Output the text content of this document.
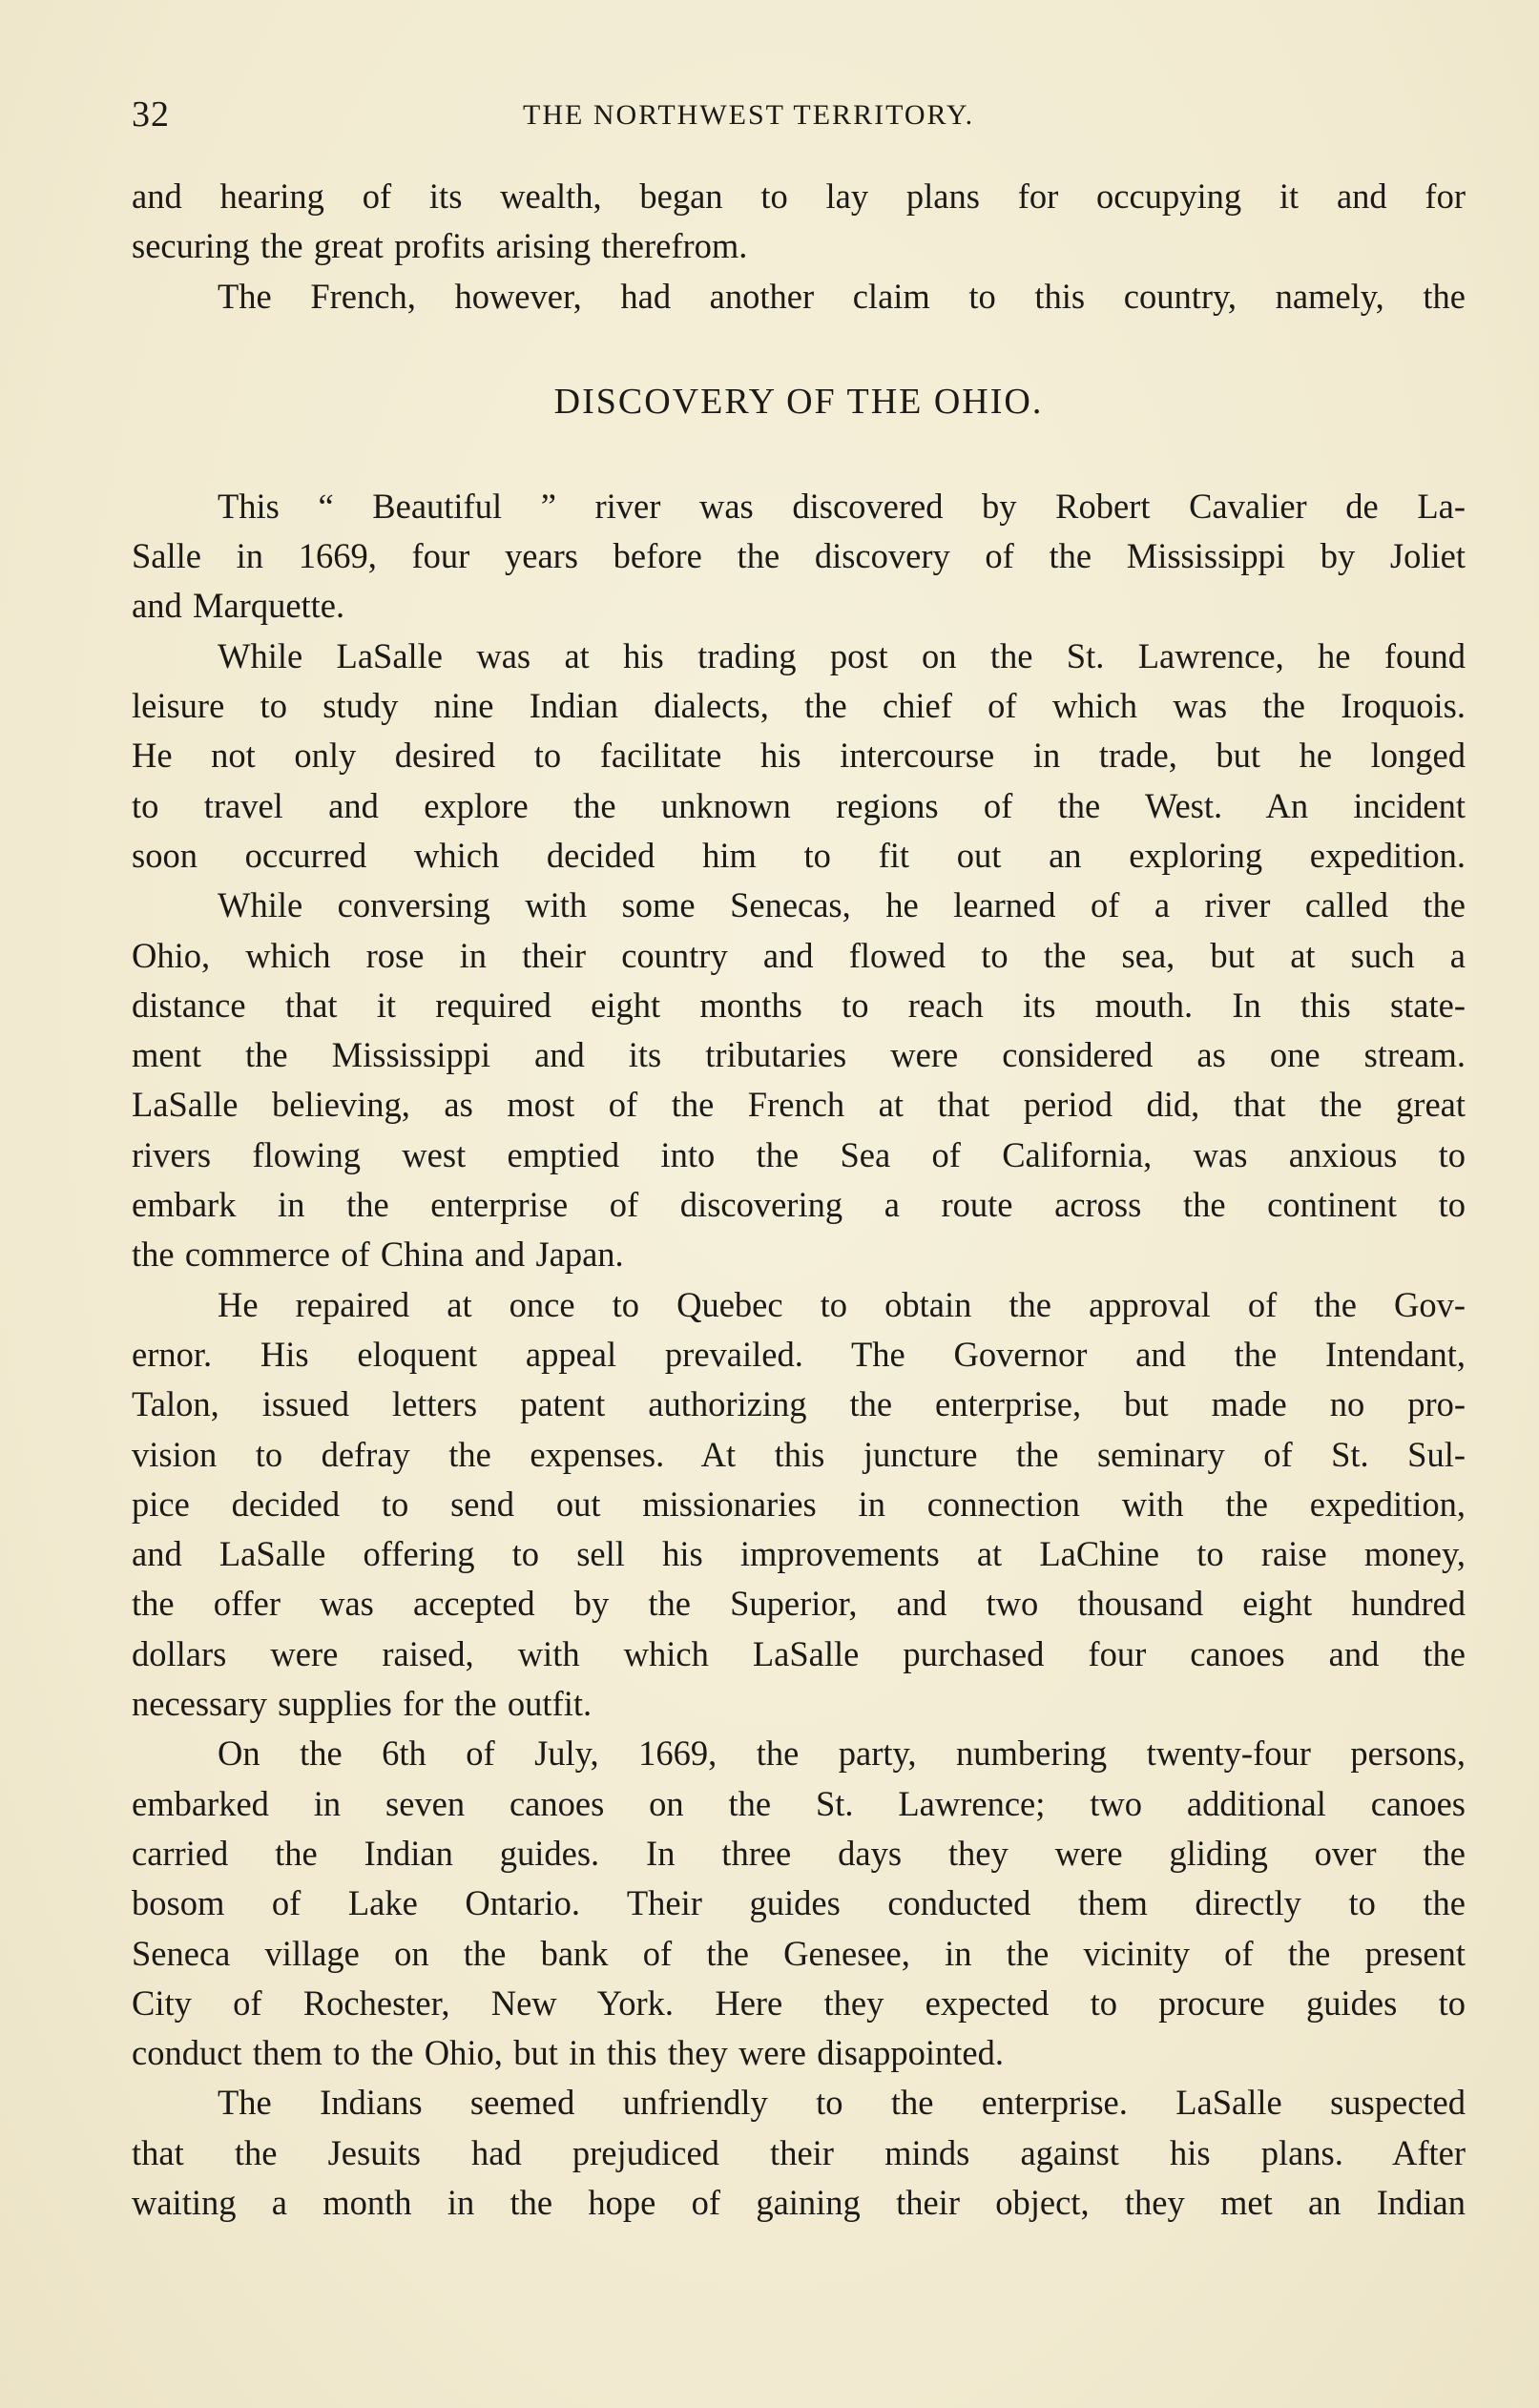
32	THE NORTHWEST TERRITORY.
and hearing of its wealth, began to lay plans for occupying it and for
securing the great profits arising therefrom.
The French, however, had another claim to this country, namely, the
DISCOVERY OF THE OHIO.
This “ Beautiful ” river was discovered by Robert Cavalier de La-
Salle in 1669, four years before the discovery of the Mississippi by Joliet
and Marquette.
While LaSalle was at his trading post on the St. Lawrence, he found
leisure to study nine Indian dialects, the chief of which was the Iroquois.
He not only desired to facilitate his intercourse in trade, but he longed
to travel and explore the unknown regions of the West. An incident
soon occurred which decided him to fit out an exploring expedition.
While conversing with some Senecas, he learned of a river called the
Ohio, which rose in their country and flowed to the sea, but at such a
distance that it required eight months to reach its mouth. In this state-
ment the Mississippi and its tributaries were considered as one stream.
LaSalle believing, as most of the French at that period did, that the great
rivers flowing west emptied into the Sea of California, was anxious to
embark in the enterprise of discovering a route across the continent to
the commerce of China and Japan.
He repaired at once to Quebec to obtain the approval of the Gov-
ernor. His eloquent appeal prevailed. The Governor and the Intendant,
Talon, issued letters patent authorizing the enterprise, but made no pro-
vision to defray the expenses. At this juncture the seminary of St. Sul-
pice decided to send out missionaries in connection with the expedition,
and LaSalle offering to sell his improvements at LaChine to raise money,
the offer was accepted by the Superior, and two thousand eight hundred
dollars were raised, with which LaSalle purchased four canoes and the
necessary supplies for the outfit.
On the 6th of July, 1669, the party, numbering twenty-four persons,
embarked in seven canoes on the St. Lawrence; two additional canoes
carried the Indian guides. In three days they were gliding over the
bosom of Lake Ontario. Their guides conducted them directly to the
Seneca village on the bank of the Genesee, in the vicinity of the present
City of Rochester, New York. Here they expected to procure guides to
conduct them to the Ohio, but in this they were disappointed.
The Indians seemed unfriendly to the enterprise. LaSalle suspected
that the Jesuits had prejudiced their minds against his plans. After
waiting a month in the hope of gaining their object, they met an Indian
